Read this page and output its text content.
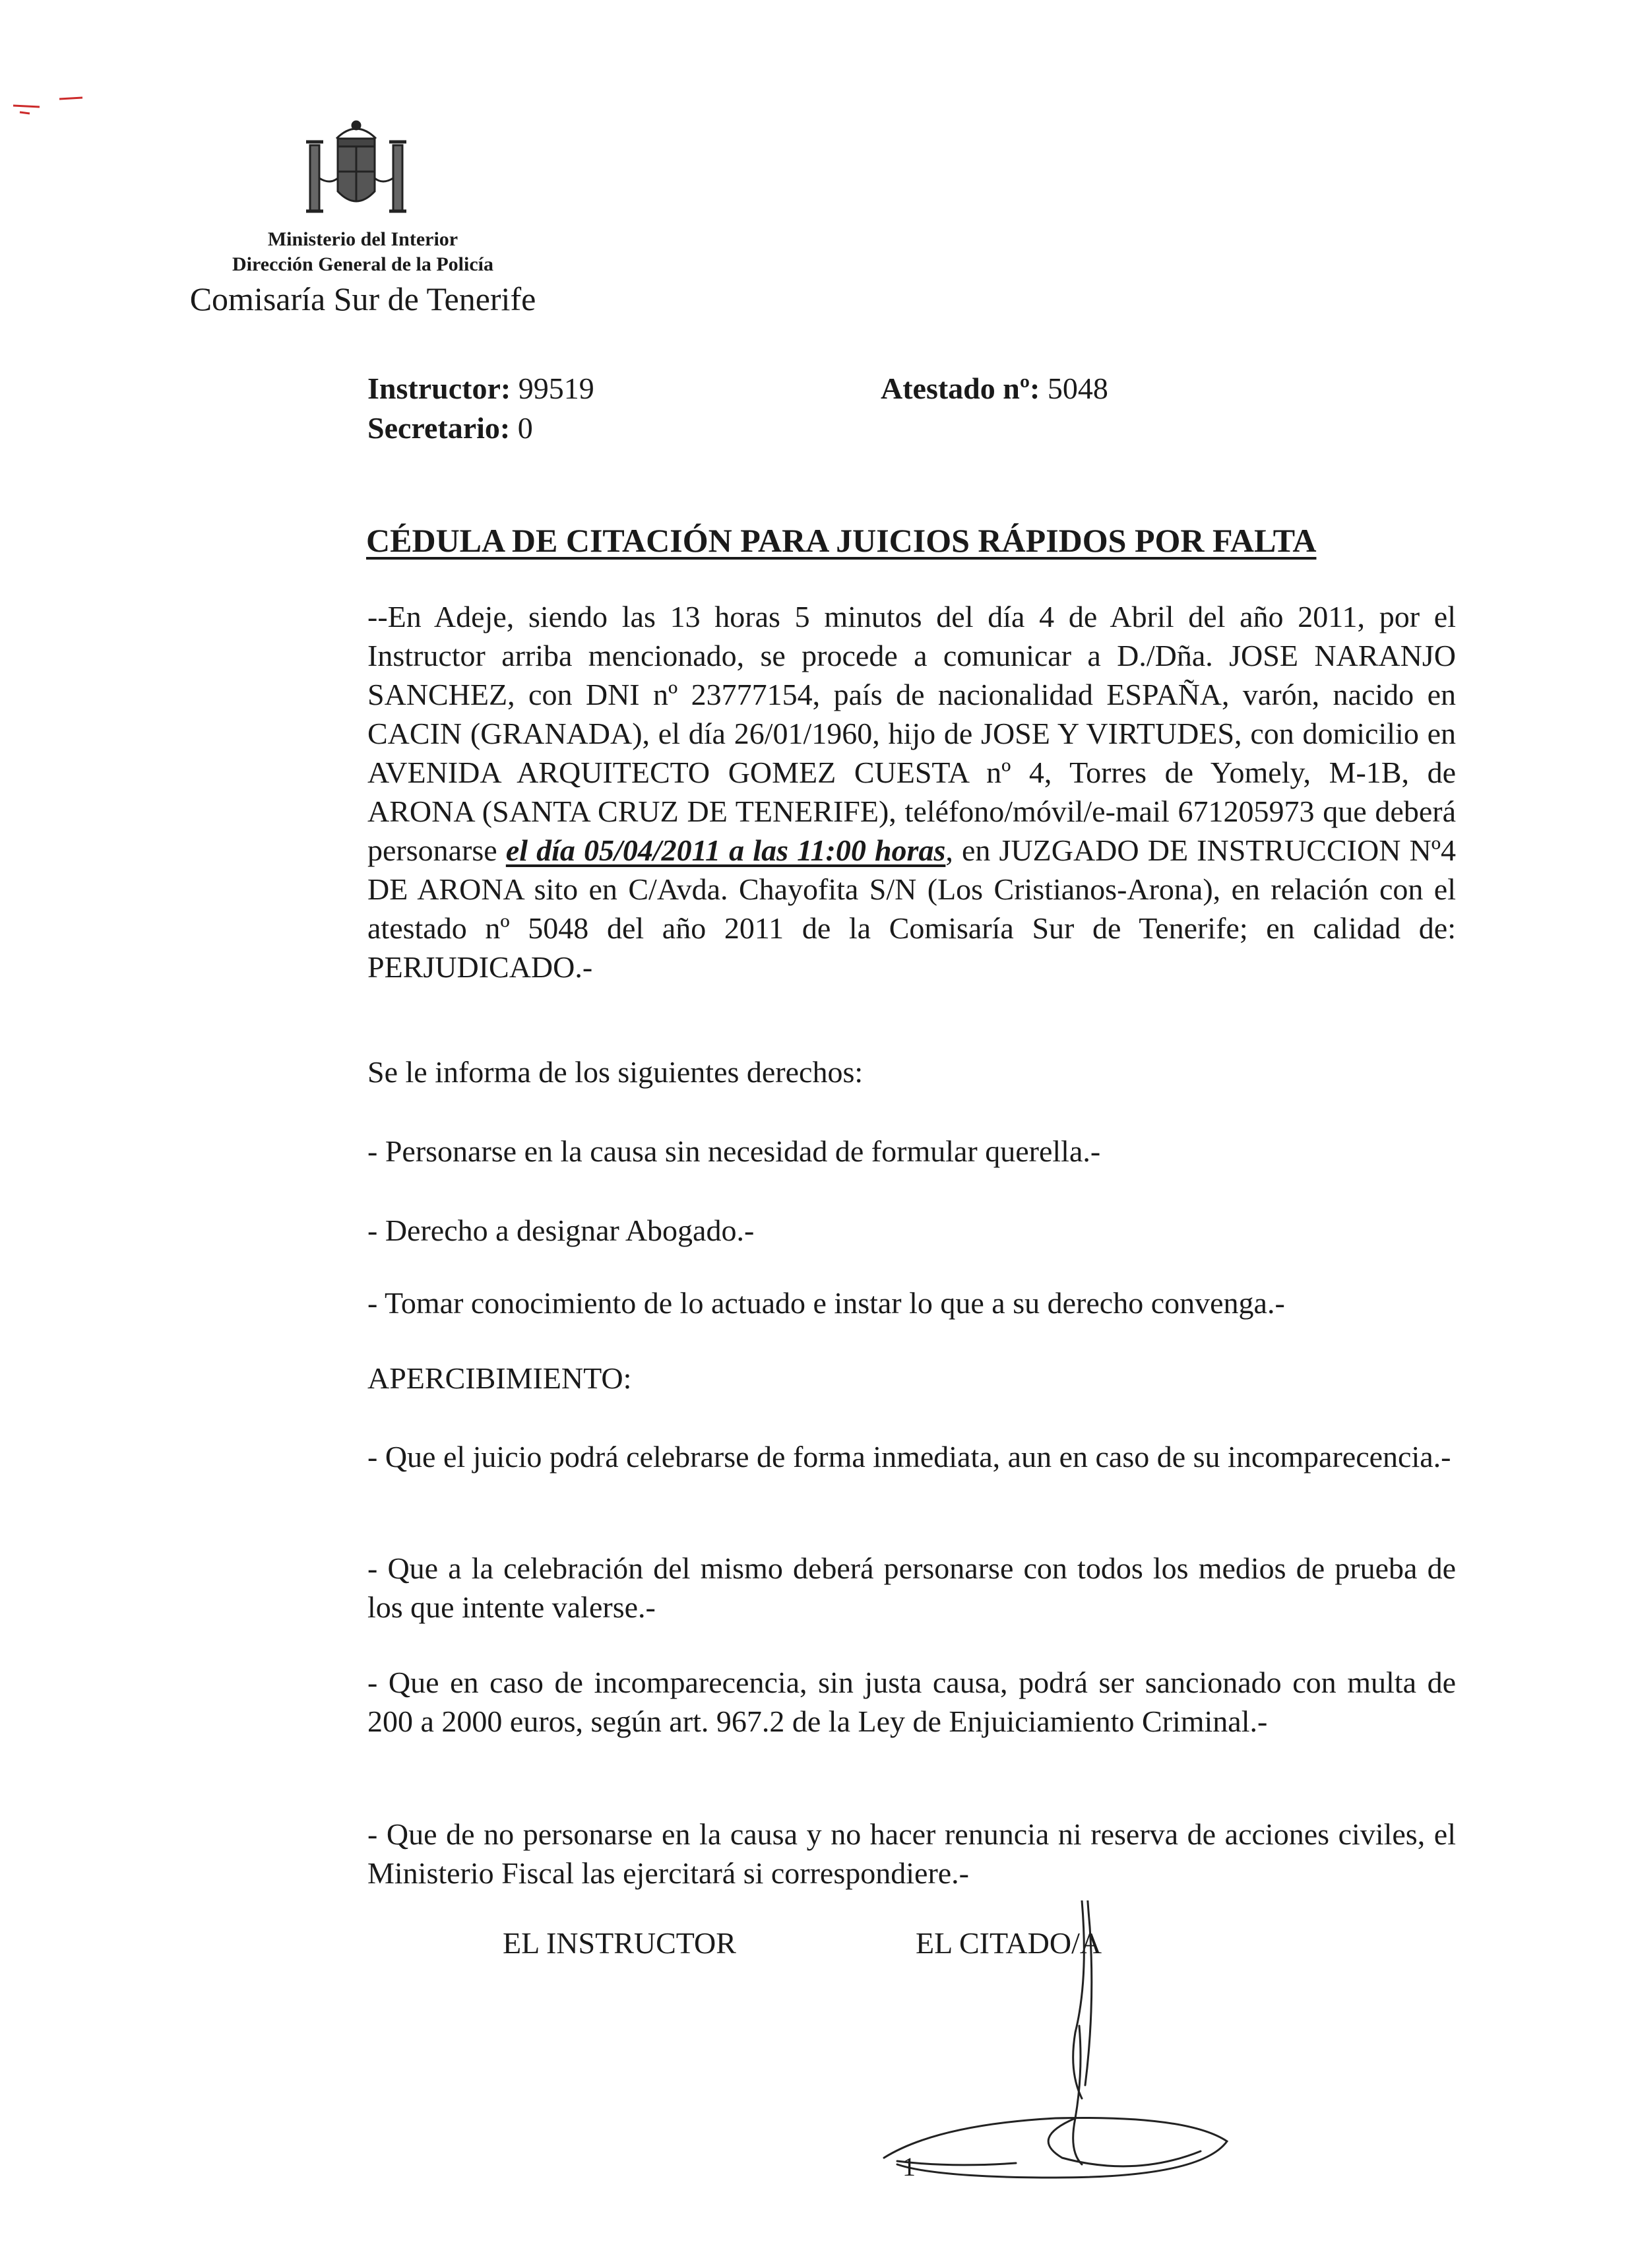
Ministerio del Interior
Dirección General de la Policía
Comisaría Sur de Tenerife
Instructor: 99519
Secretario: 0
Atestado nº: 5048
CÉDULA DE CITACIÓN PARA JUICIOS RÁPIDOS POR FALTA
--En Adeje, siendo las 13 horas 5 minutos del día 4 de Abril del año 2011, por el Instructor arriba mencionado, se procede a comunicar a D./Dña. JOSE NARANJO SANCHEZ, con DNI nº 23777154, país de nacionalidad ESPAÑA, varón, nacido en CACIN (GRANADA), el día 26/01/1960, hijo de JOSE Y VIRTUDES, con domicilio en AVENIDA ARQUITECTO GOMEZ CUESTA nº 4, Torres de Yomely, M-1B, de ARONA (SANTA CRUZ DE TENERIFE), teléfono/móvil/e-mail 671205973 que deberá personarse el día 05/04/2011 a las 11:00 horas, en JUZGADO DE INSTRUCCION Nº4 DE ARONA sito en C/Avda. Chayofita S/N (Los Cristianos-Arona), en relación con el atestado nº 5048 del año 2011 de la Comisaría Sur de Tenerife; en calidad de: PERJUDICADO.-
Se le informa de los siguientes derechos:
- Personarse en la causa sin necesidad de formular querella.-
- Derecho a designar Abogado.-
- Tomar conocimiento de lo actuado e instar lo que a su derecho convenga.-
APERCIBIMIENTO:
- Que el juicio podrá celebrarse de forma inmediata, aun en caso de su incomparecencia.-
- Que a la celebración del mismo deberá personarse con todos los medios de prueba de los que intente valerse.-
- Que en caso de incomparecencia, sin justa causa, podrá ser sancionado con multa de 200 a 2000 euros, según art. 967.2 de la Ley de Enjuiciamiento Criminal.-
- Que de no personarse en la causa y no hacer renuncia ni reserva de acciones civiles, el Ministerio Fiscal las ejercitará si correspondiere.-
EL INSTRUCTOR	EL CITADO/A
1
